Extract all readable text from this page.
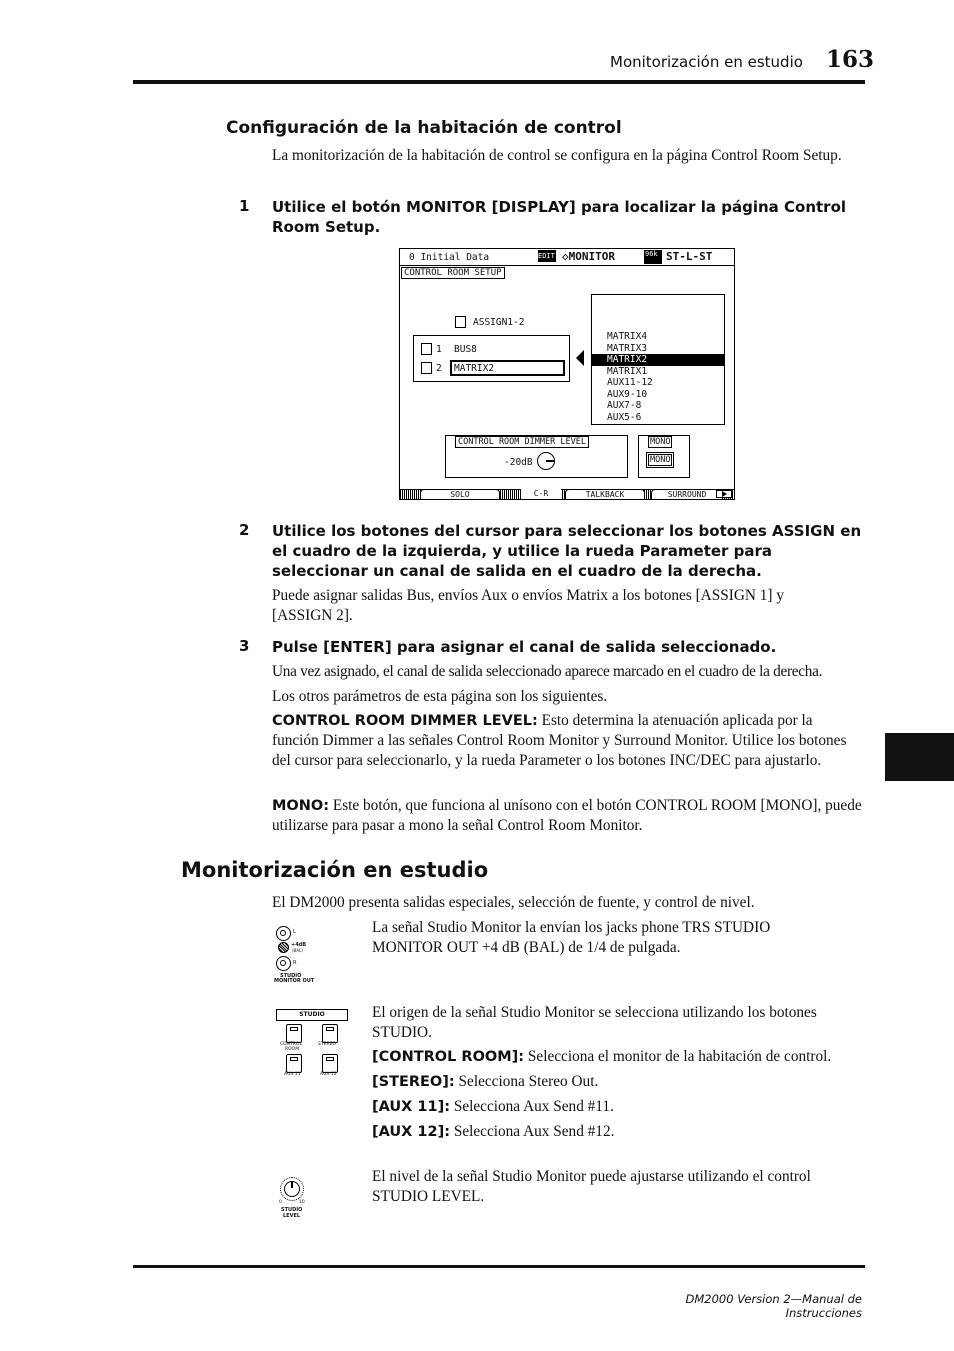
Monitorización en estudio 163
Configuración de la habitación de control
La monitorización de la habitación de control se configura en la página Control Room Setup.
1 Utilice el botón MONITOR [DISPLAY] para localizar la página Control Room Setup.
0 Initial Data	EDIT ◇MONITOR	96k ST-L-ST
CONTROL ROOM SETUP
ASSIGN1-2
1 BUS8
2 MATRIX2
MATRIX4
MATRIX3
MATRIX2
MATRIX1
AUX11-12
AUX9-10
AUX7-8
AUX5-6
CONTROL ROOM DIMMER LEVEL
-20dB
MONO
MONO
SOLO	C-R	TALKBACK	SURROUND
2 Utilice los botones del cursor para seleccionar los botones ASSIGN en el cuadro de la izquierda, y utilice la rueda Parameter para seleccionar un canal de salida en el cuadro de la derecha.
Puede asignar salidas Bus, envíos Aux o envíos Matrix a los botones [ASSIGN 1] y [ASSIGN 2].
3 Pulse [ENTER] para asignar el canal de salida seleccionado.
Una vez asignado, el canal de salida seleccionado aparece marcado en el cuadro de la derecha.
Los otros parámetros de esta página son los siguientes.
CONTROL ROOM DIMMER LEVEL: Esto determina la atenuación aplicada por la función Dimmer a las señales Control Room Monitor y Surround Monitor. Utilice los botones del cursor para seleccionarlo, y la rueda Parameter o los botones INC/DEC para ajustarlo.
MONO: Este botón, que funciona al unísono con el botón CONTROL ROOM [MONO], puede utilizarse para pasar a mono la señal Control Room Monitor.
Monitorización en estudio
El DM2000 presenta salidas especiales, selección de fuente, y control de nivel.
L
+4dB
(BAL)
R
STUDIO
MONITOR OUT
La señal Studio Monitor la envían los jacks phone TRS STUDIO MONITOR OUT +4 dB (BAL) de 1/4 de pulgada.
STUDIO
CONTROL
ROOM
STEREO
AUX 11	AUX 12
El origen de la señal Studio Monitor se selecciona utilizando los botones STUDIO.
[CONTROL ROOM]: Selecciona el monitor de la habitación de control.
[STEREO]: Selecciona Stereo Out.
[AUX 11]: Selecciona Aux Send #11.
[AUX 12]: Selecciona Aux Send #12.
0	10
STUDIO
LEVEL
El nivel de la señal Studio Monitor puede ajustarse utilizando el control STUDIO LEVEL.
DM2000 Version 2—Manual de Instrucciones
